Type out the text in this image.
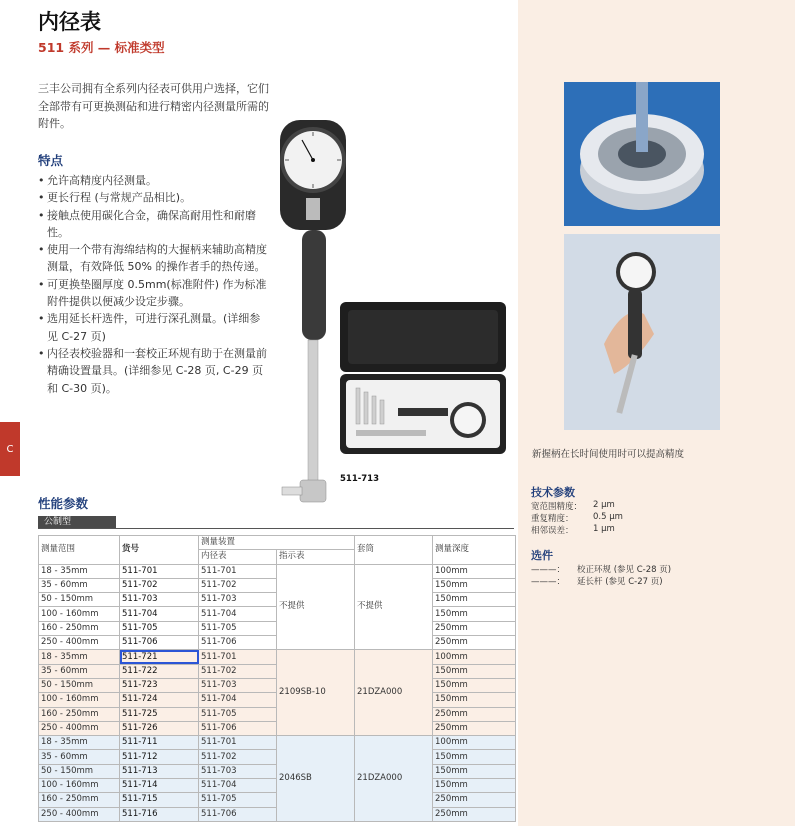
内径表
511 系列 — 标准类型
三丰公司拥有全系列内径表可供用户选择，它们全部带有可更换测砧和进行精密内径测量所需的附件。
特点
• 允许高精度内径测量。
• 更长行程 (与常规产品相比)。
• 接触点使用碳化合金，确保高耐用性和耐磨性。
• 使用一个带有海绵结构的大握柄来辅助高精度测量，有效降低 50% 的操作者手的热传递。
• 可更换垫圈厚度 0.5mm(标准附件) 作为标准附件提供以便减少设定步骤。
• 选用延长杆选件，可进行深孔测量。(详细参见 C-27 页)
• 内径表校验器和一套校正环规有助于在测量前精确设置量具。(详细参见 C-28 页, C-29 页和 C-30 页)。
C
511-713
新握柄在长时间使用时可以提高精度
技术参数
宽范围精度： 2 μm
重复精度： 0.5 μm
相邻误差： 1 μm
选件
———： 校正环规 (参见 C-28 页)
———： 延长杆 (参见 C-27 页)
性能参数
公制型
测量范围	货号	测量装置		套筒	测量深度
		内径表	指示表		
18 - 35mm	511-701	511-701	不提供	不提供	100mm
35 - 60mm	511-702	511-702			150mm
50 - 150mm	511-703	511-703			150mm
100 - 160mm	511-704	511-704			150mm
160 - 250mm	511-705	511-705			250mm
250 - 400mm	511-706	511-706			250mm
18 - 35mm	511-721	511-701	2109SB-10	21DZA000	100mm
35 - 60mm	511-722	511-702			150mm
50 - 150mm	511-723	511-703			150mm
100 - 160mm	511-724	511-704			150mm
160 - 250mm	511-725	511-705			250mm
250 - 400mm	511-726	511-706			250mm
18 - 35mm	511-711	511-701	2046SB	21DZA000	100mm
35 - 60mm	511-712	511-702			150mm
50 - 150mm	511-713	511-703			150mm
100 - 160mm	511-714	511-704			150mm
160 - 250mm	511-715	511-705			250mm
250 - 400mm	511-716	511-706			250mm
